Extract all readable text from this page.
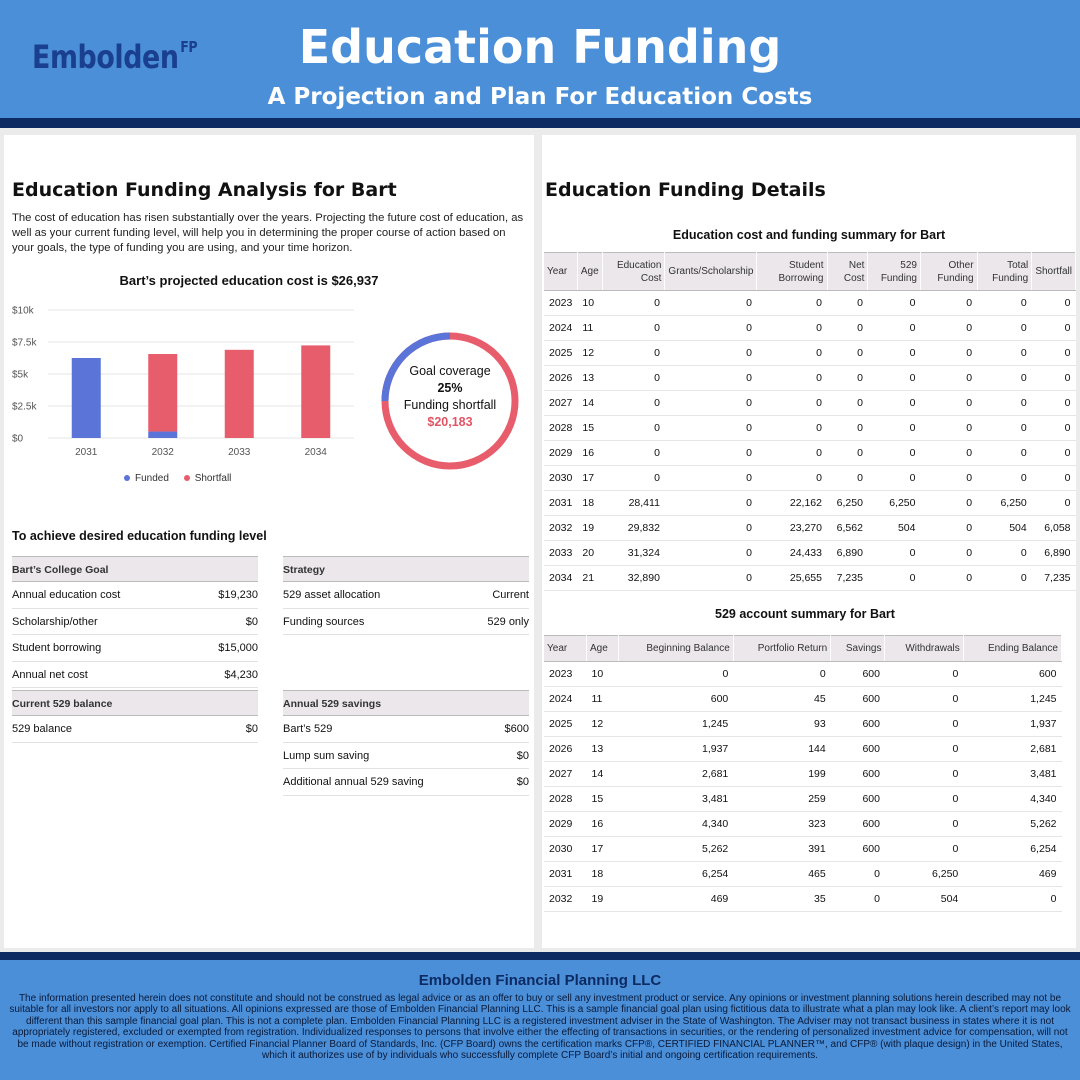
Embolden $^{FP}$	Education Funding
A Projection and Plan For Education Costs
Education Funding Analysis for Bart
The cost of education has risen substantially over the years. Projecting the future cost of education, as well as your current funding level, will help you in determining the proper course of action based on your goals, the type of funding you are using, and your time horizon.
Bart’s projected education cost is $26,937
$0
$2.5k
$5k
$7.5k
$10k
2031	2032	2033	2034
Funded	Shortfall
Goal coverage
25%
Funding shortfall
$20,183
To achieve desired education funding level
Bart’s College Goal
Annual education cost	$19,230
Scholarship/other	$0
Student borrowing	$15,000
Annual net cost	$4,230
Strategy
529 asset allocation	Current
Funding sources	529 only
Current 529 balance
529 balance	$0
Annual 529 savings
Bart’s 529	$600
Lump sum saving	$0
Additional annual 529 saving	$0
Education Funding Details
Education cost and funding summary for Bart
Year	Age	Education Cost	Grants/Scholarship	Student Borrowing	Net Cost	529 Funding	Other Funding	Total Funding	Shortfall
2023	10	0	0	0	0	0	0	0	0
2024	11	0	0	0	0	0	0	0	0
2025	12	0	0	0	0	0	0	0	0
2026	13	0	0	0	0	0	0	0	0
2027	14	0	0	0	0	0	0	0	0
2028	15	0	0	0	0	0	0	0	0
2029	16	0	0	0	0	0	0	0	0
2030	17	0	0	0	0	0	0	0	0
2031	18	28,411	0	22,162	6,250	6,250	0	6,250	0
2032	19	29,832	0	23,270	6,562	504	0	504	6,058
2033	20	31,324	0	24,433	6,890	0	0	0	6,890
2034	21	32,890	0	25,655	7,235	0	0	0	7,235
529 account summary for Bart
Year	Age	Beginning Balance	Portfolio Return	Savings	Withdrawals	Ending Balance
2023	10	0	0	600	0	600
2024	11	600	45	600	0	1,245
2025	12	1,245	93	600	0	1,937
2026	13	1,937	144	600	0	2,681
2027	14	2,681	199	600	0	3,481
2028	15	3,481	259	600	0	4,340
2029	16	4,340	323	600	0	5,262
2030	17	5,262	391	600	0	6,254
2031	18	6,254	465	0	6,250	469
2032	19	469	35	0	504	0
Embolden Financial Planning LLC
The information presented herein does not constitute and should not be construed as legal advice or as an offer to buy or sell any investment product or service. Any opinions or investment planning solutions herein described may not be suitable for all investors nor apply to all situations. All opinions expressed are those of Embolden Financial Planning LLC. This is a sample financial goal plan using fictitious data to illustrate what a plan may look like. A client’s report may look different than this sample financial goal plan. This is not a complete plan. Embolden Financial Planning LLC is a registered investment adviser in the State of Washington. The Adviser may not transact business in states where it is not appropriately registered, excluded or exempted from registration. Individualized responses to persons that involve either the effecting of transactions in securities, or the rendering of personalized investment advice for compensation, will not be made without registration or exemption. Certified Financial Planner Board of Standards, Inc. (CFP Board) owns the certification marks CFP®, CERTIFIED FINANCIAL PLANNER™, and CFP® (with plaque design) in the United States, which it authorizes use of by individuals who successfully complete CFP Board’s initial and ongoing certification requirements.
